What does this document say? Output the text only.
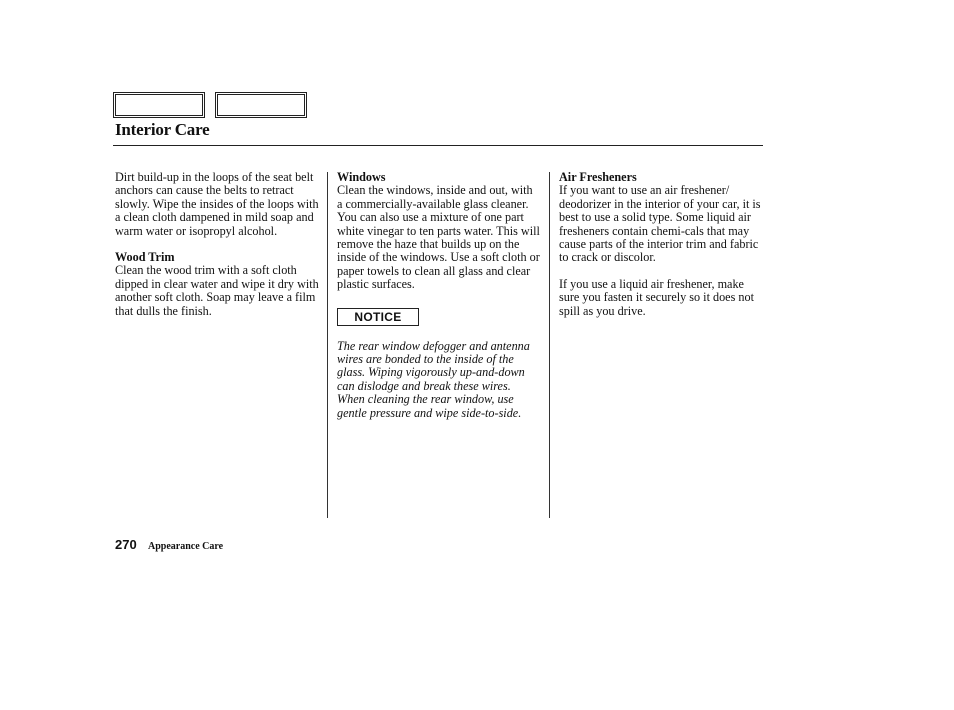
Interior Care

Dirt build-up in the loops of the seat belt anchors can cause the belts to retract slowly. Wipe the insides of the loops with a clean cloth dampened in mild soap and warm water or isopropyl alcohol.

Wood Trim

Clean the wood trim with a soft cloth dipped in clear water and wipe it dry with another soft cloth. Soap may leave a film that dulls the finish.

Windows

Clean the windows, inside and out, with a commercially-available glass cleaner. You can also use a mixture of one part white vinegar to ten parts water. This will remove the haze that builds up on the inside of the windows. Use a soft cloth or paper towels to clean all glass and clear plastic surfaces.

NOTICE

The rear window defogger and antenna wires are bonded to the inside of the glass. Wiping vigorously up-and-down can dislodge and break these wires. When cleaning the rear window, use gentle pressure and wipe side-to-side.

Air Fresheners

If you want to use an air freshener/ deodorizer in the interior of your car, it is best to use a solid type. Some liquid air fresheners contain chemi-cals that may cause parts of the interior trim and fabric to crack or discolor.

If you use a liquid air freshener, make sure you fasten it securely so it does not spill as you drive.

270 Appearance Care
